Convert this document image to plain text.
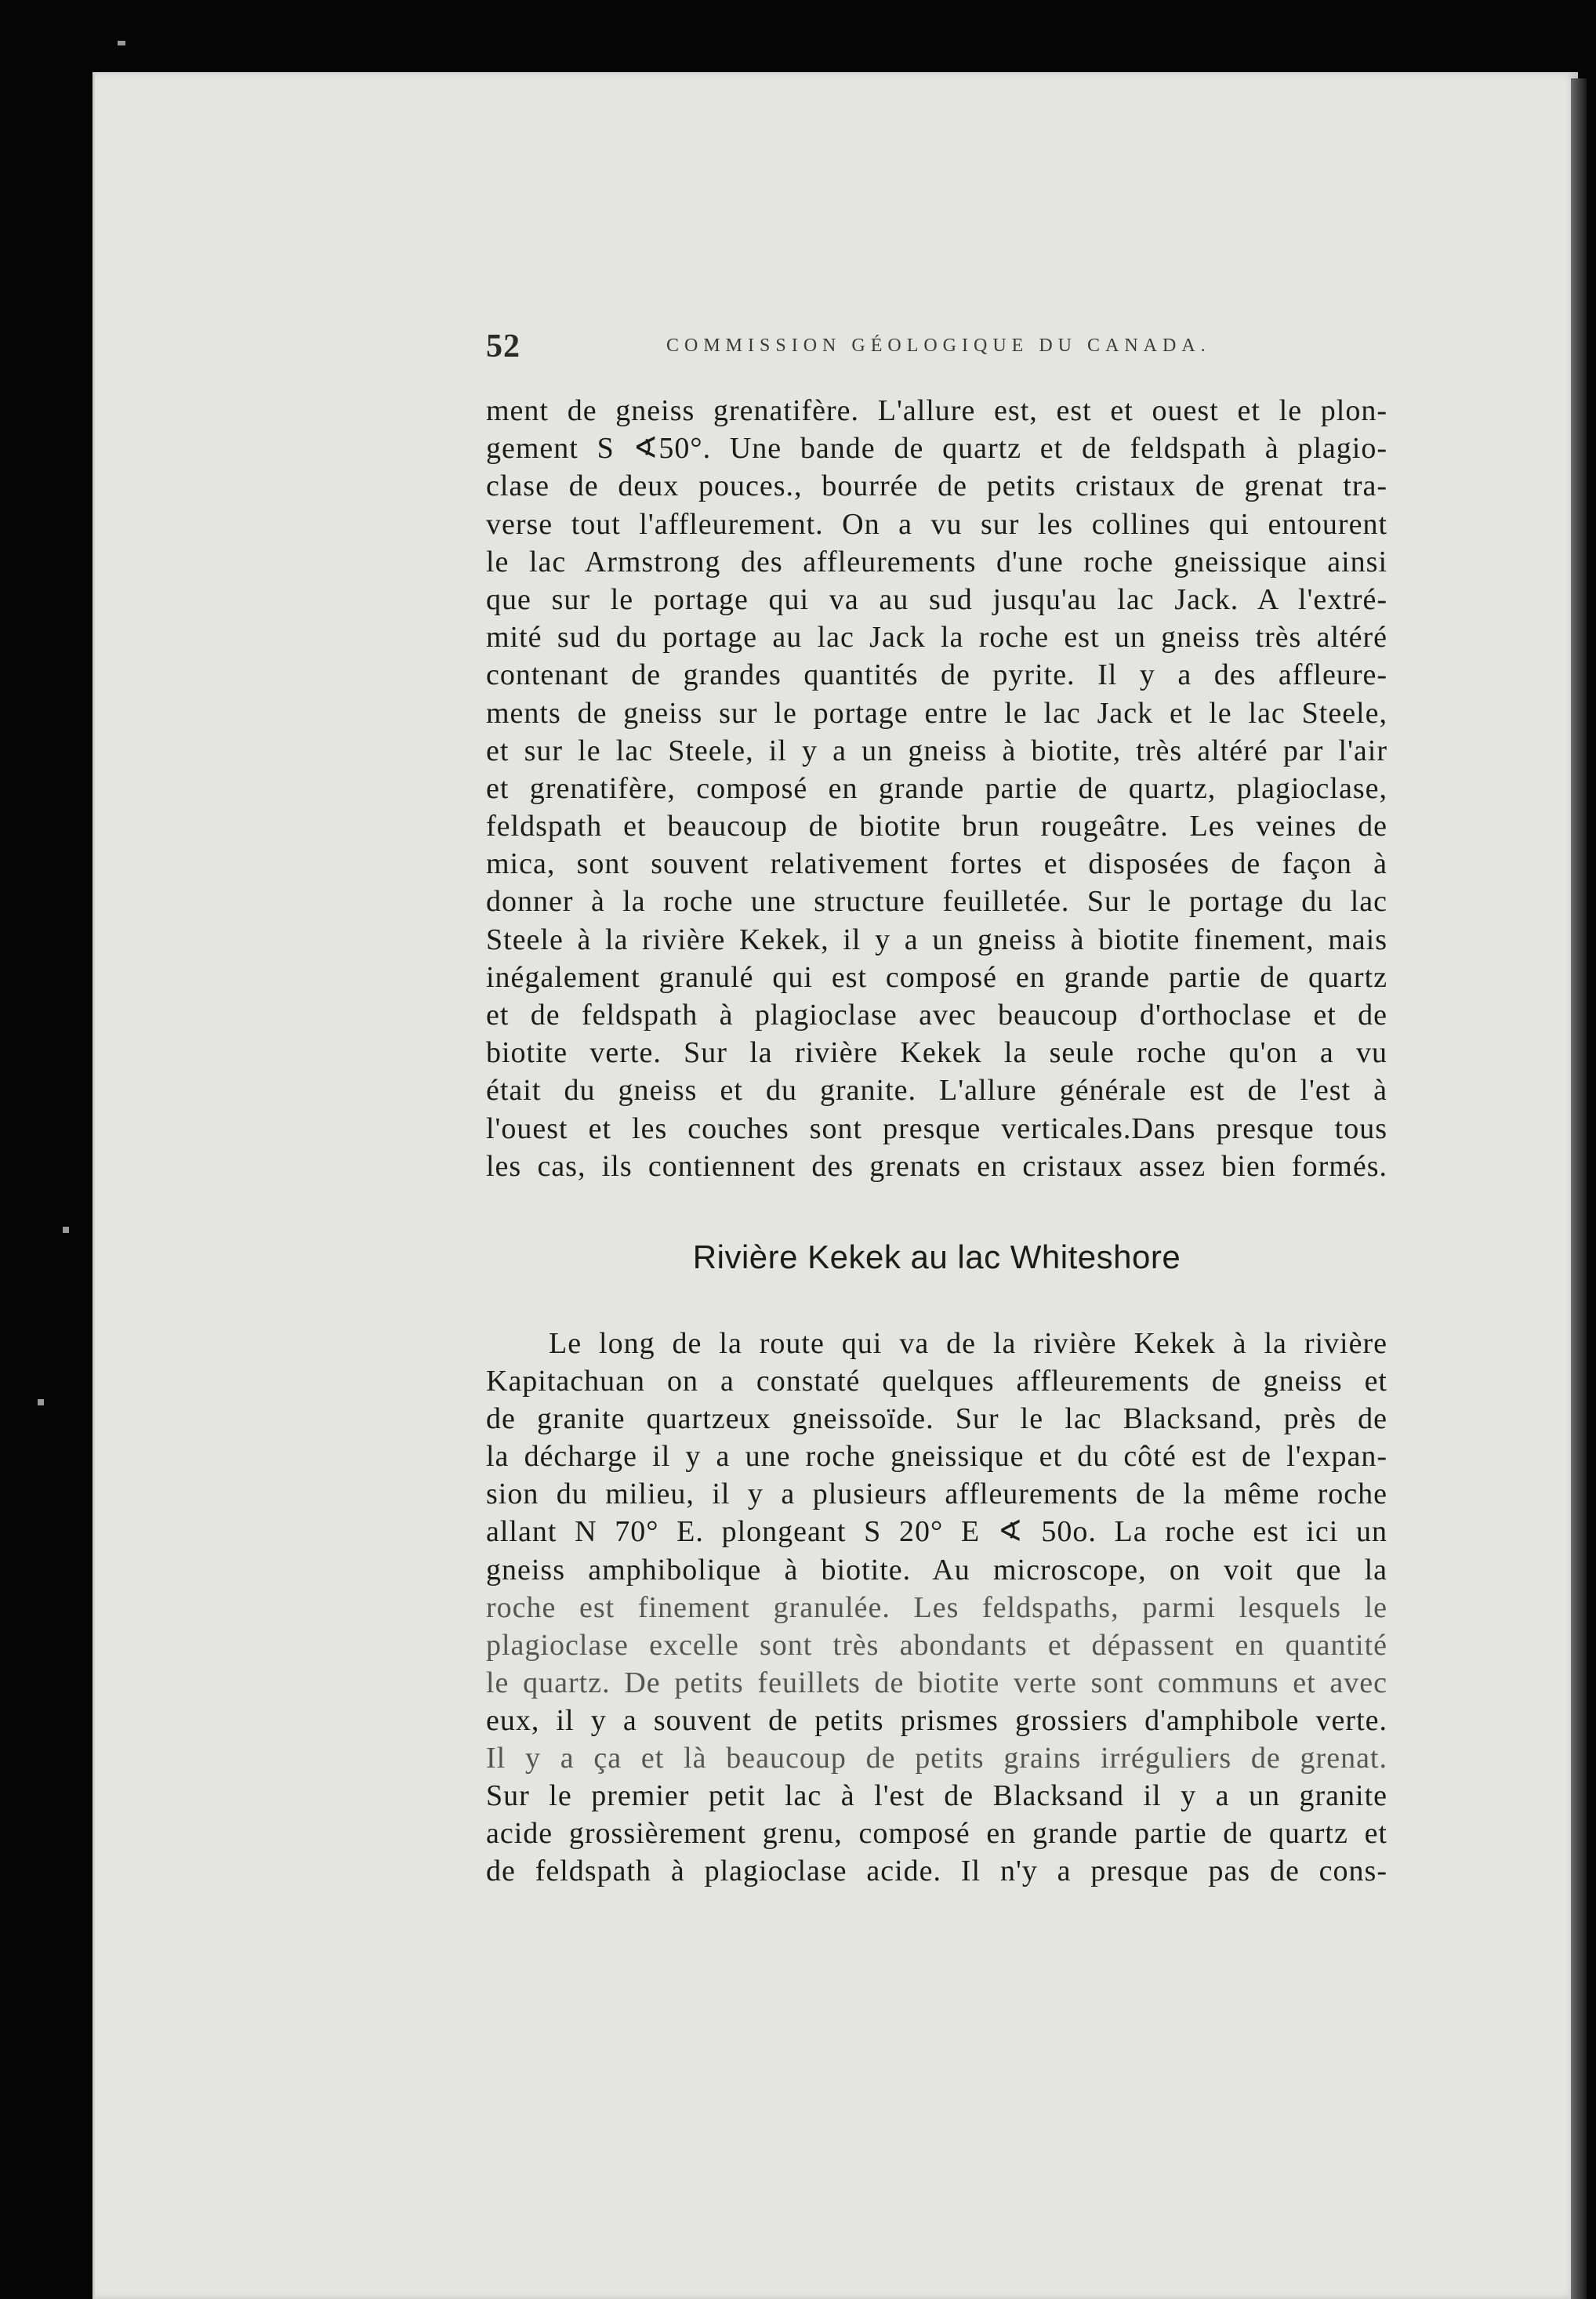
52	COMMISSION GÉOLOGIQUE DU CANADA.
ment de gneiss grenatifère. L'allure est, est et ouest et le plon-
gement S ∢50°. Une bande de quartz et de feldspath à plagio-
clase de deux pouces., bourrée de petits cristaux de grenat tra-
verse tout l'affleurement. On a vu sur les collines qui entourent
le lac Armstrong des affleurements d'une roche gneissique ainsi
que sur le portage qui va au sud jusqu'au lac Jack. A l'extré-
mité sud du portage au lac Jack la roche est un gneiss très altéré
contenant de grandes quantités de pyrite. Il y a des affleure-
ments de gneiss sur le portage entre le lac Jack et le lac Steele,
et sur le lac Steele, il y a un gneiss à biotite, très altéré par l'air
et grenatifère, composé en grande partie de quartz, plagioclase,
feldspath et beaucoup de biotite brun rougeâtre. Les veines de
mica, sont souvent relativement fortes et disposées de façon à
donner à la roche une structure feuilletée. Sur le portage du lac
Steele à la rivière Kekek, il y a un gneiss à biotite finement, mais
inégalement granulé qui est composé en grande partie de quartz
et de feldspath à plagioclase avec beaucoup d'orthoclase et de
biotite verte. Sur la rivière Kekek la seule roche qu'on a vu
était du gneiss et du granite. L'allure générale est de l'est à
l'ouest et les couches sont presque verticales.Dans presque tous
les cas, ils contiennent des grenats en cristaux assez bien formés.
Rivière Kekek au lac Whiteshore
Le long de la route qui va de la rivière Kekek à la rivière
Kapitachuan on a constaté quelques affleurements de gneiss et
de granite quartzeux gneissoïde. Sur le lac Blacksand, près de
la décharge il y a une roche gneissique et du côté est de l'expan-
sion du milieu, il y a plusieurs affleurements de la même roche
allant N 70° E. plongeant S 20° E ∢ 50o. La roche est ici un
gneiss amphibolique à biotite. Au microscope, on voit que la
roche est finement granulée. Les feldspaths, parmi lesquels le
plagioclase excelle sont très abondants et dépassent en quantité
le quartz. De petits feuillets de biotite verte sont communs et avec
eux, il y a souvent de petits prismes grossiers d'amphibole verte.
Il y a ça et là beaucoup de petits grains irréguliers de grenat.
Sur le premier petit lac à l'est de Blacksand il y a un granite
acide grossièrement grenu, composé en grande partie de quartz et
de feldspath à plagioclase acide. Il n'y a presque pas de cons-
